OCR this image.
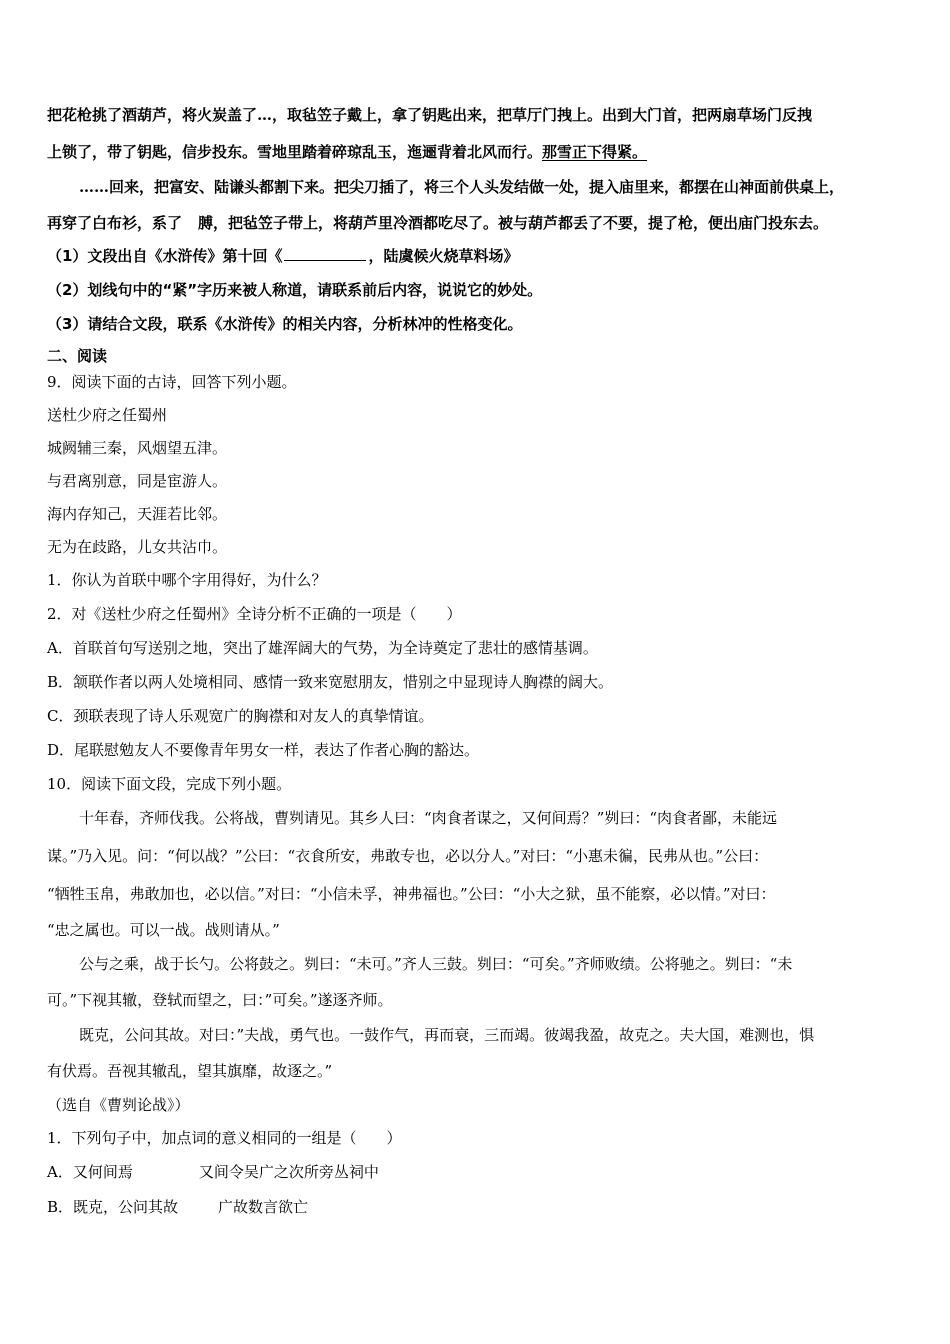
把花枪挑了酒葫芦，将火炭盖了…，取毡笠子戴上，拿了钥匙出来，把草厅门拽上。出到大门首，把两扇草场门反拽
上锁了，带了钥匙，信步投东。雪地里踏着碎琼乱玉，迤逦背着北风而行。那雪正下得紧。
……回来，把富安、陆谦头都割下来。把尖刀插了，将三个人头发结做一处，提入庙里来，都摆在山神面前供桌上，
再穿了白布衫，系了 膊，把毡笠子带上，将葫芦里冷酒都吃尽了。被与葫芦都丢了不要，提了枪，便出庙门投东去。
（1）文段出自《水浒传》第十回《	，陆虞候火烧草料场》
（2）划线句中的“紧”字历来被人称道，请联系前后内容，说说它的妙处。
（3）请结合文段，联系《水浒传》的相关内容，分析林冲的性格变化。
二、阅读
9．阅读下面的古诗，回答下列小题。
送杜少府之任蜀州
城阙辅三秦，风烟望五津。
与君离别意，同是宦游人。
海内存知己，天涯若比邻。
无为在歧路，儿女共沾巾。
1．你认为首联中哪个字用得好，为什么？
2．对《送杜少府之任蜀州》全诗分析不正确的一项是（　　）
A．首联首句写送别之地，突出了雄浑阔大的气势，为全诗奠定了悲壮的感情基调。
B．颔联作者以两人处境相同、感情一致来宽慰朋友，惜别之中显现诗人胸襟的阔大。
C．颈联表现了诗人乐观宽广的胸襟和对友人的真挚情谊。
D．尾联慰勉友人不要像青年男女一样，表达了作者心胸的豁达。
10．阅读下面文段，完成下列小题。
十年春，齐师伐我。公将战，曹刿请见。其乡人曰：“肉食者谋之，又何间焉？”刿曰：“肉食者鄙，未能远
谋。”乃入见。问：“何以战？”公曰：“衣食所安，弗敢专也，必以分人。”对曰：“小惠未徧，民弗从也。”公曰：
“牺牲玉帛，弗敢加也，必以信。”对曰：“小信未孚，神弗福也。”公曰：“小大之狱，虽不能察，必以情。”对曰：
“忠之属也。可以一战。战则请从。”
公与之乘，战于长勺。公将鼓之。刿曰：“未可。”齐人三鼓。刿曰：“可矣。”齐师败绩。公将驰之。刿曰：“未
可。”下视其辙，登轼而望之，曰：”可矣。”遂逐齐师。
既克，公问其故。对曰：”夫战，勇气也。一鼓作气，再而衰，三而竭。彼竭我盈，故克之。夫大国，难测也，惧
有伏焉。吾视其辙乱，望其旗靡，故逐之。”
（选自《曹刿论战》）
1．下列句子中，加点词的意义相同的一组是（　　）
A．又何间焉	又间令吴广之次所旁丛祠中
B．既克，公问其故	广故数言欲亡
